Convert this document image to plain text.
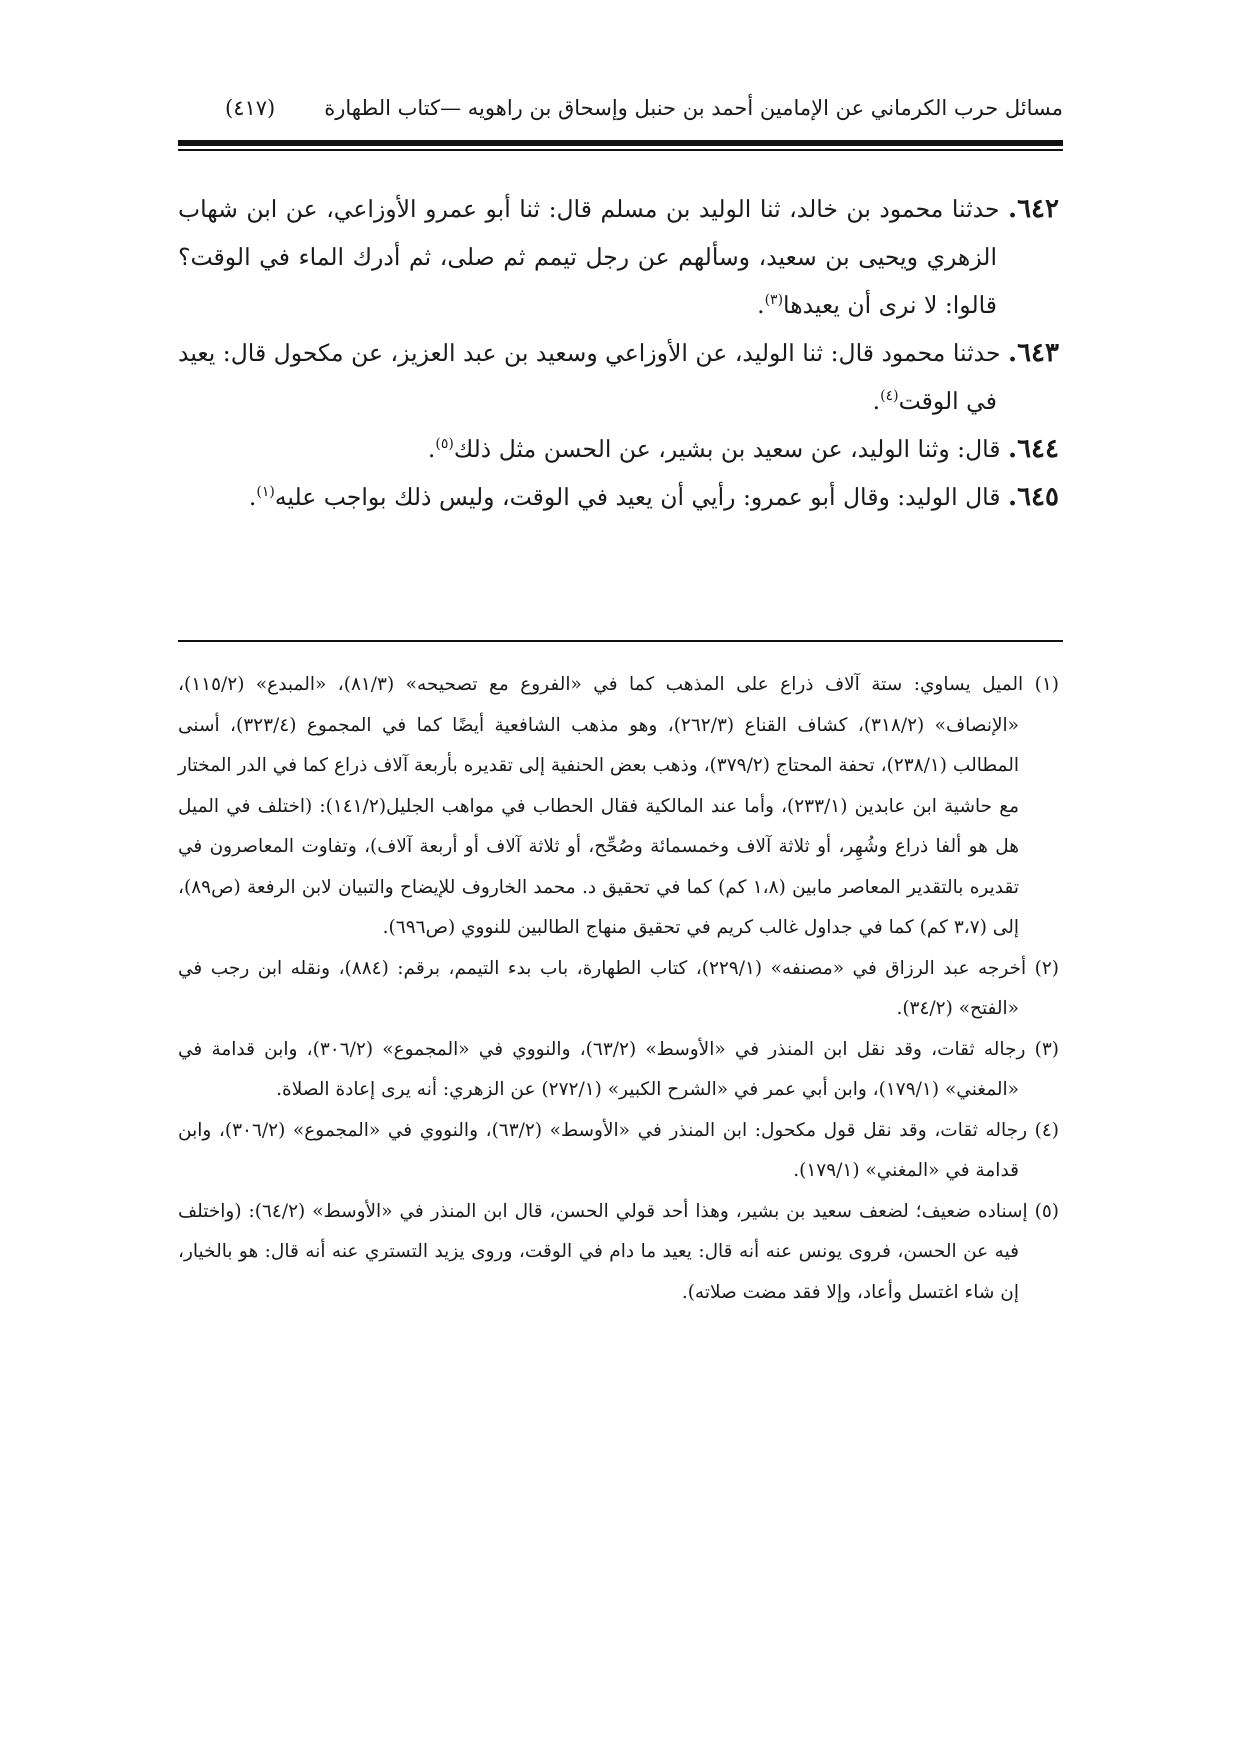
مسائل حرب الكرماني عن الإمامين أحمد بن حنبل وإسحاق بن راهويه —كتاب الطهارة
(٤١٧)

٦٤٢. حدثنا محمود بن خالد، ثنا الوليد بن مسلم قال: ثنا أبو عمرو الأوزاعي، عن ابن شهاب الزهري ويحيى بن سعيد، وسألهم عن رجل تيمم ثم صلى، ثم أدرك الماء في الوقت؟ قالوا: لا نرى أن يعيدها$^{(٣)}$.

٦٤٣. حدثنا محمود قال: ثنا الوليد، عن الأوزاعي وسعيد بن عبد العزيز، عن مكحول قال: يعيد في الوقت$^{(٤)}$.

٦٤٤. قال: وثنا الوليد، عن سعيد بن بشير، عن الحسن مثل ذلك$^{(٥)}$.

٦٤٥. قال الوليد: وقال أبو عمرو: رأيي أن يعيد في الوقت، وليس ذلك بواجب عليه$^{(١)}$.

(١) الميل يساوي: ستة آلاف ذراع على المذهب كما في «الفروع مع تصحيحه» (٨١/٣)، «المبدع» (١١٥/٢)، «الإنصاف» (٣١٨/٢)، كشاف القناع (٢٦٢/٣)، وهو مذهب الشافعية أيضًا كما في المجموع (٣٢٣/٤)، أسنى المطالب (٢٣٨/١)، تحفة المحتاج (٣٧٩/٢)، وذهب بعض الحنفية إلى تقديره بأربعة آلاف ذراع كما في الدر المختار مع حاشية ابن عابدين (٢٣٣/١)، وأما عند المالكية فقال الحطاب في مواهب الجليل(١٤١/٢): (اختلف في الميل هل هو ألفا ذراع وشُهِر، أو ثلاثة آلاف وخمسمائة وصُحِّح، أو ثلاثة آلاف أو أربعة آلاف)، وتفاوت المعاصرون في تقديره بالتقدير المعاصر مابين (١،٨ كم) كما في تحقيق د. محمد الخاروف للإيضاح والتبيان لابن الرفعة (ص٨٩)، إلى (٣،٧ كم) كما في جداول غالب كريم في تحقيق منهاج الطالبين للنووي (ص٦٩٦).

(٢) أخرجه عبد الرزاق في «مصنفه» (٢٢٩/١)، كتاب الطهارة، باب بدء التيمم، برقم: (٨٨٤)، ونقله ابن رجب في «الفتح» (٣٤/٢).

(٣) رجاله ثقات، وقد نقل ابن المنذر في «الأوسط» (٦٣/٢)، والنووي في «المجموع» (٣٠٦/٢)، وابن قدامة في «المغني» (١٧٩/١)، وابن أبي عمر في «الشرح الكبير» (٢٧٢/١) عن الزهري: أنه يرى إعادة الصلاة.

(٤) رجاله ثقات، وقد نقل قول مكحول: ابن المنذر في «الأوسط» (٦٣/٢)، والنووي في «المجموع» (٣٠٦/٢)، وابن قدامة في «المغني» (١٧٩/١).

(٥) إسناده ضعيف؛ لضعف سعيد بن بشير، وهذا أحد قولي الحسن، قال ابن المنذر في «الأوسط» (٦٤/٢): (واختلف فيه عن الحسن، فروى يونس عنه أنه قال: يعيد ما دام في الوقت، وروى يزيد التستري عنه أنه قال: هو بالخيار، إن شاء اغتسل وأعاد، وإلا فقد مضت صلاته).
